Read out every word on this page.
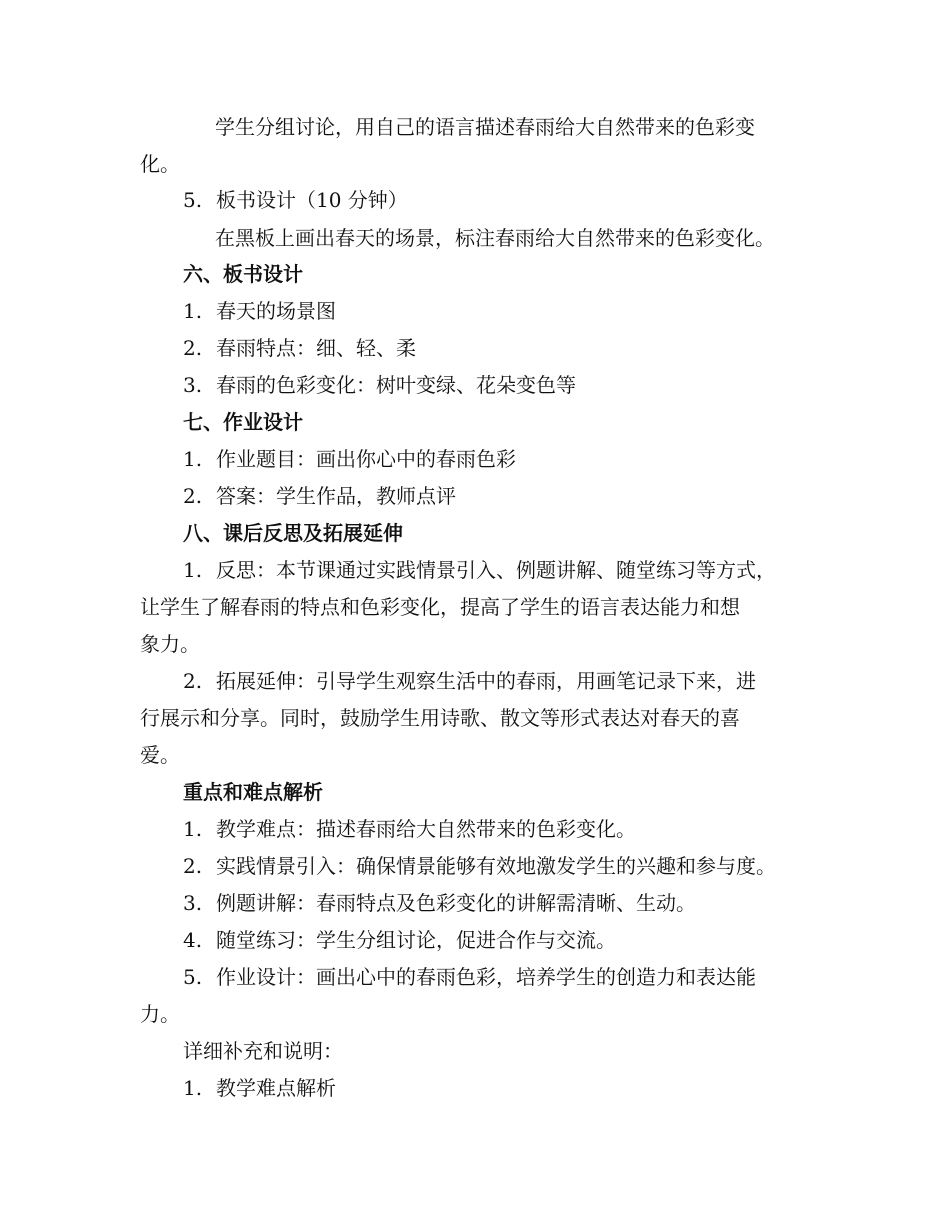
学生分组讨论，用自己的语言描述春雨给大自然带来的色彩变
化。
5. 板书设计（10 分钟）
在黑板上画出春天的场景，标注春雨给大自然带来的色彩变化。
六、板书设计
1. 春天的场景图
2. 春雨特点：细、轻、柔
3. 春雨的色彩变化：树叶变绿、花朵变色等
七、作业设计
1. 作业题目：画出你心中的春雨色彩
2. 答案：学生作品，教师点评
八、课后反思及拓展延伸
1. 反思：本节课通过实践情景引入、例题讲解、随堂练习等方式，
让学生了解春雨的特点和色彩变化，提高了学生的语言表达能力和想
象力。
2. 拓展延伸：引导学生观察生活中的春雨，用画笔记录下来，进
行展示和分享。同时，鼓励学生用诗歌、散文等形式表达对春天的喜
爱。
重点和难点解析
1. 教学难点：描述春雨给大自然带来的色彩变化。
2. 实践情景引入：确保情景能够有效地激发学生的兴趣和参与度。
3. 例题讲解：春雨特点及色彩变化的讲解需清晰、生动。
4. 随堂练习：学生分组讨论，促进合作与交流。
5. 作业设计：画出心中的春雨色彩，培养学生的创造力和表达能
力。
详细补充和说明：
1. 教学难点解析
